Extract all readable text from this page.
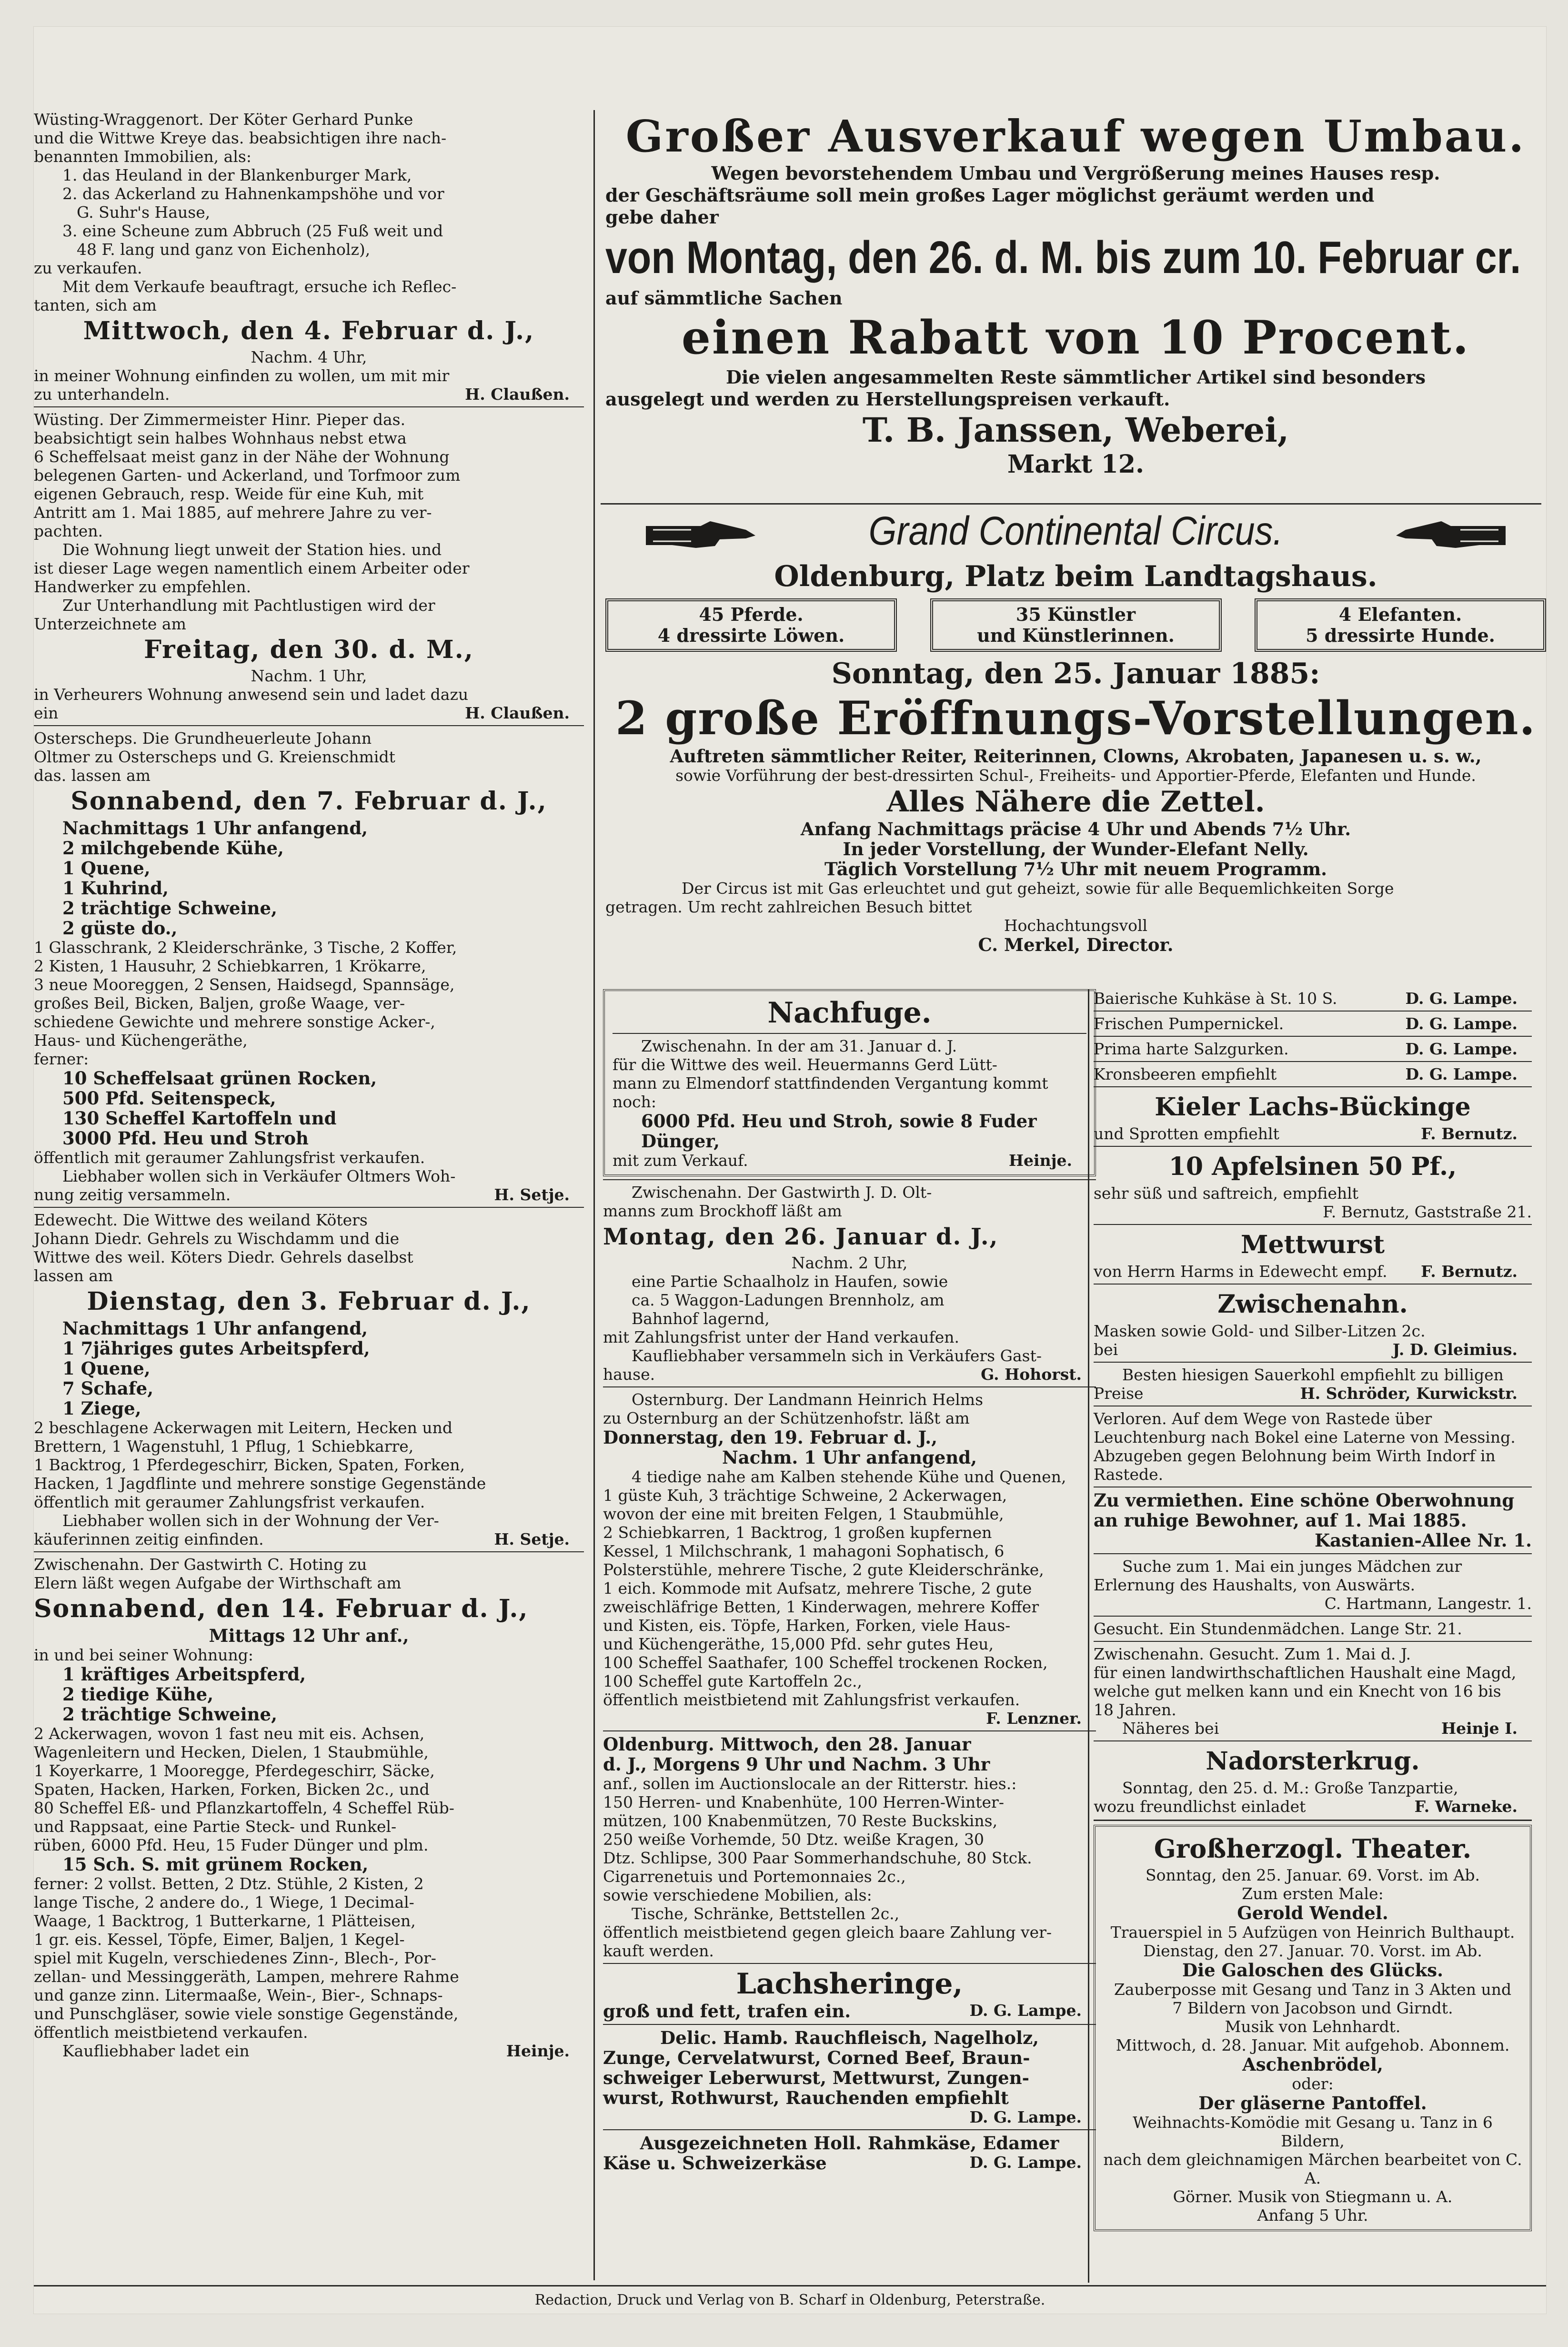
Wüsting-Wraggenort. Der Köter Gerhard Punke

und die Wittwe Kreye das. beabsichtigen ihre nach-

benannten Immobilien, als:

1. das Heuland in der Blankenburger Mark,

2. das Ackerland zu Hahnenkampshöhe und vor

G. Suhr's Hause,

3. eine Scheune zum Abbruch (25 Fuß weit und

48 F. lang und ganz von Eichenholz),

zu verkaufen.

Mit dem Verkaufe beauftragt, ersuche ich Reflec-

tanten, sich am

Mittwoch, den 4. Februar d. J.,

Nachm. 4 Uhr,

in meiner Wohnung einfinden zu wollen, um mit mir

zu unterhandeln.	H. Claußen.

Wüsting. Der Zimmermeister Hinr. Pieper das.

beabsichtigt sein halbes Wohnhaus nebst etwa

6 Scheffelsaat meist ganz in der Nähe der Wohnung

belegenen Garten- und Ackerland, und Torfmoor zum

eigenen Gebrauch, resp. Weide für eine Kuh, mit

Antritt am 1. Mai 1885, auf mehrere Jahre zu ver-

pachten.

Die Wohnung liegt unweit der Station hies. und

ist dieser Lage wegen namentlich einem Arbeiter oder

Handwerker zu empfehlen.

Zur Unterhandlung mit Pachtlustigen wird der

Unterzeichnete am

Freitag, den 30. d. M.,

Nachm. 1 Uhr,

in Verheurers Wohnung anwesend sein und ladet dazu

ein	H. Claußen.

Osterscheps. Die Grundheuerleute Johann

Oltmer zu Osterscheps und G. Kreienschmidt

das. lassen am

Sonnabend, den 7. Februar d. J.,

Nachmittags 1 Uhr anfangend,

2 milchgebende Kühe,

1 Quene,

1 Kuhrind,

2 trächtige Schweine,

2 güste do.,

1 Glasschrank, 2 Kleiderschränke, 3 Tische, 2 Koffer,

2 Kisten, 1 Hausuhr, 2 Schiebkarren, 1 Krökarre,

3 neue Mooreggen, 2 Sensen, Haidsegd, Spannsäge,

großes Beil, Bicken, Baljen, große Waage, ver-

schiedene Gewichte und mehrere sonstige Acker-,

Haus- und Küchengeräthe,

ferner:

10 Scheffelsaat grünen Rocken,

500 Pfd. Seitenspeck,

130 Scheffel Kartoffeln und

3000 Pfd. Heu und Stroh

öffentlich mit geraumer Zahlungsfrist verkaufen.

Liebhaber wollen sich in Verkäufer Oltmers Woh-

nung zeitig versammeln.	H. Setje.

Edewecht. Die Wittwe des weiland Köters

Johann Diedr. Gehrels zu Wischdamm und die

Wittwe des weil. Köters Diedr. Gehrels daselbst

lassen am

Dienstag, den 3. Februar d. J.,

Nachmittags 1 Uhr anfangend,

1 7jähriges gutes Arbeitspferd,

1 Quene,

7 Schafe,

1 Ziege,

2 beschlagene Ackerwagen mit Leitern, Hecken und

Brettern, 1 Wagenstuhl, 1 Pflug, 1 Schiebkarre,

1 Backtrog, 1 Pferdegeschirr, Bicken, Spaten, Forken,

Hacken, 1 Jagdflinte und mehrere sonstige Gegenstände

öffentlich mit geraumer Zahlungsfrist verkaufen.

Liebhaber wollen sich in der Wohnung der Ver-

käuferinnen zeitig einfinden.	H. Setje.

Zwischenahn. Der Gastwirth C. Hoting zu

Elern läßt wegen Aufgabe der Wirthschaft am

Sonnabend, den 14. Februar d. J.,

Mittags 12 Uhr anf.,

in und bei seiner Wohnung:

1 kräftiges Arbeitspferd,

2 tiedige Kühe,

2 trächtige Schweine,

2 Ackerwagen, wovon 1 fast neu mit eis. Achsen,

Wagenleitern und Hecken, Dielen, 1 Staubmühle,

1 Koyerkarre, 1 Mooregge, Pferdegeschirr, Säcke,

Spaten, Hacken, Harken, Forken, Bicken 2c., und

80 Scheffel Eß- und Pflanzkartoffeln, 4 Scheffel Rüb-

und Rappsaat, eine Partie Steck- und Runkel-

rüben, 6000 Pfd. Heu, 15 Fuder Dünger und plm.

15 Sch. S. mit grünem Rocken,

ferner: 2 vollst. Betten, 2 Dtz. Stühle, 2 Kisten, 2

lange Tische, 2 andere do., 1 Wiege, 1 Decimal-

Waage, 1 Backtrog, 1 Butterkarne, 1 Plätteisen,

1 gr. eis. Kessel, Töpfe, Eimer, Baljen, 1 Kegel-

spiel mit Kugeln, verschiedenes Zinn-, Blech-, Por-

zellan- und Messinggeräth, Lampen, mehrere Rahme

und ganze zinn. Litermaaße, Wein-, Bier-, Schnaps-

und Punschgläser, sowie viele sonstige Gegenstände,

öffentlich meistbietend verkaufen.

Kaufliebhaber ladet ein	Heinje.

Großer Ausverkauf wegen Umbau.

Wegen bevorstehendem Umbau und Vergrößerung meines Hauses resp.

der Geschäftsräume soll mein großes Lager möglichst geräumt werden und

gebe daher

von Montag, den 26. d. M. bis zum 10. Februar cr.

auf sämmtliche Sachen

einen Rabatt von 10 Procent.

Die vielen angesammelten Reste sämmtlicher Artikel sind besonders

ausgelegt und werden zu Herstellungspreisen verkauft.

T. B. Janssen, Weberei,

Markt 12.

Grand Continental Circus.

Oldenburg, Platz beim Landtagshaus.

45 Pferde.

4 dressirte Löwen.

35 Künstler

und Künstlerinnen.

4 Elefanten.

5 dressirte Hunde.

Sonntag, den 25. Januar 1885:

2 große Eröffnungs-Vorstellungen.

Auftreten sämmtlicher Reiter, Reiterinnen, Clowns, Akrobaten, Japanesen u. s. w.,

sowie Vorführung der best-dressirten Schul-, Freiheits- und Apportier-Pferde, Elefanten und Hunde.

Alles Nähere die Zettel.

Anfang Nachmittags präcise 4 Uhr und Abends 7½ Uhr.

In jeder Vorstellung, der Wunder-Elefant Nelly.

Täglich Vorstellung 7½ Uhr mit neuem Programm.

Der Circus ist mit Gas erleuchtet und gut geheizt, sowie für alle Bequemlichkeiten Sorge

getragen. Um recht zahlreichen Besuch bittet

Hochachtungsvoll

C. Merkel, Director.

Nachfuge.

Zwischenahn. In der am 31. Januar d. J.

für die Wittwe des weil. Heuermanns Gerd Lütt-

mann zu Elmendorf stattfindenden Vergantung kommt

noch:

6000 Pfd. Heu und Stroh, sowie 8 Fuder

Dünger,

mit zum Verkauf.	Heinje.

Zwischenahn. Der Gastwirth J. D. Olt-

manns zum Brockhoff läßt am

Montag, den 26. Januar d. J.,

Nachm. 2 Uhr,

eine Partie Schaalholz in Haufen, sowie

ca. 5 Waggon-Ladungen Brennholz, am

Bahnhof lagernd,

mit Zahlungsfrist unter der Hand verkaufen.

Kaufliebhaber versammeln sich in Verkäufers Gast-

hause.	G. Hohorst.

Osternburg. Der Landmann Heinrich Helms

zu Osternburg an der Schützenhofstr. läßt am

Donnerstag, den 19. Februar d. J.,

Nachm. 1 Uhr anfangend,

4 tiedige nahe am Kalben stehende Kühe und Quenen,

1 güste Kuh, 3 trächtige Schweine, 2 Ackerwagen,

wovon der eine mit breiten Felgen, 1 Staubmühle,

2 Schiebkarren, 1 Backtrog, 1 großen kupfernen

Kessel, 1 Milchschrank, 1 mahagoni Sophatisch, 6

Polsterstühle, mehrere Tische, 2 gute Kleiderschränke,

1 eich. Kommode mit Aufsatz, mehrere Tische, 2 gute

zweischläfrige Betten, 1 Kinderwagen, mehrere Koffer

und Kisten, eis. Töpfe, Harken, Forken, viele Haus-

und Küchengeräthe, 15,000 Pfd. sehr gutes Heu,

100 Scheffel Saathafer, 100 Scheffel trockenen Rocken,

100 Scheffel gute Kartoffeln 2c.,

öffentlich meistbietend mit Zahlungsfrist verkaufen.

F. Lenzner.

Oldenburg. Mittwoch, den 28. Januar

d. J., Morgens 9 Uhr und Nachm. 3 Uhr

anf., sollen im Auctionslocale an der Ritterstr. hies.:

150 Herren- und Knabenhüte, 100 Herren-Winter-

mützen, 100 Knabenmützen, 70 Reste Buckskins,

250 weiße Vorhemde, 50 Dtz. weiße Kragen, 30

Dtz. Schlipse, 300 Paar Sommerhandschuhe, 80 Stck.

Cigarrenetuis und Portemonnaies 2c.,

sowie verschiedene Mobilien, als:

Tische, Schränke, Bettstellen 2c.,

öffentlich meistbietend gegen gleich baare Zahlung ver-

kauft werden.

Lachsheringe,

groß und fett, trafen ein.	D. G. Lampe.

Delic. Hamb. Rauchfleisch, Nagelholz,

Zunge, Cervelatwurst, Corned Beef, Braun-

schweiger Leberwurst, Mettwurst, Zungen-

wurst, Rothwurst, Rauchenden empfiehlt

D. G. Lampe.

Ausgezeichneten Holl. Rahmkäse, Edamer

Käse u. Schweizerkäse	D. G. Lampe.

Baierische Kuhkäse à St. 10 S.	D. G. Lampe.

Frischen Pumpernickel.	D. G. Lampe.

Prima harte Salzgurken.	D. G. Lampe.

Kronsbeeren empfiehlt	D. G. Lampe.

Kieler Lachs-Bückinge

und Sprotten empfiehlt	F. Bernutz.

10 Apfelsinen 50 Pf.,

sehr süß und saftreich, empfiehlt

F. Bernutz, Gaststraße 21.

Mettwurst

von Herrn Harms in Edewecht empf. F. Bernutz.

Zwischenahn.

Masken sowie Gold- und Silber-Litzen 2c.

bei	J. D. Gleimius.

Besten hiesigen Sauerkohl empfiehlt zu billigen

Preise	H. Schröder, Kurwickstr.

Verloren. Auf dem Wege von Rastede über

Leuchtenburg nach Bokel eine Laterne von Messing.

Abzugeben gegen Belohnung beim Wirth Indorf in

Rastede.

Zu vermiethen. Eine schöne Oberwohnung

an ruhige Bewohner, auf 1. Mai 1885.

Kastanien-Allee Nr. 1.

Suche zum 1. Mai ein junges Mädchen zur

Erlernung des Haushalts, von Auswärts.

C. Hartmann, Langestr. 1.

Gesucht. Ein Stundenmädchen. Lange Str. 21.

Zwischenahn. Gesucht. Zum 1. Mai d. J.

für einen landwirthschaftlichen Haushalt eine Magd,

welche gut melken kann und ein Knecht von 16 bis

18 Jahren.

Näheres bei	Heinje I.

Nadorsterkrug.

Sonntag, den 25. d. M.: Große Tanzpartie,

wozu freundlichst einladet	F. Warneke.

Großherzogl. Theater.

Sonntag, den 25. Januar. 69. Vorst. im Ab.

Zum ersten Male:

Gerold Wendel.

Trauerspiel in 5 Aufzügen von Heinrich Bulthaupt.

Dienstag, den 27. Januar. 70. Vorst. im Ab.

Die Galoschen des Glücks.

Zauberposse mit Gesang und Tanz in 3 Akten und

7 Bildern von Jacobson und Girndt.

Musik von Lehnhardt.

Mittwoch, d. 28. Januar. Mit aufgehob. Abonnem.

Aschenbrödel,

oder:

Der gläserne Pantoffel.

Weihnachts-Komödie mit Gesang u. Tanz in 6 Bildern,

nach dem gleichnamigen Märchen bearbeitet von C. A.

Görner. Musik von Stiegmann u. A.

Anfang 5 Uhr.

Redaction, Druck und Verlag von B. Scharf in Oldenburg, Peterstraße.
